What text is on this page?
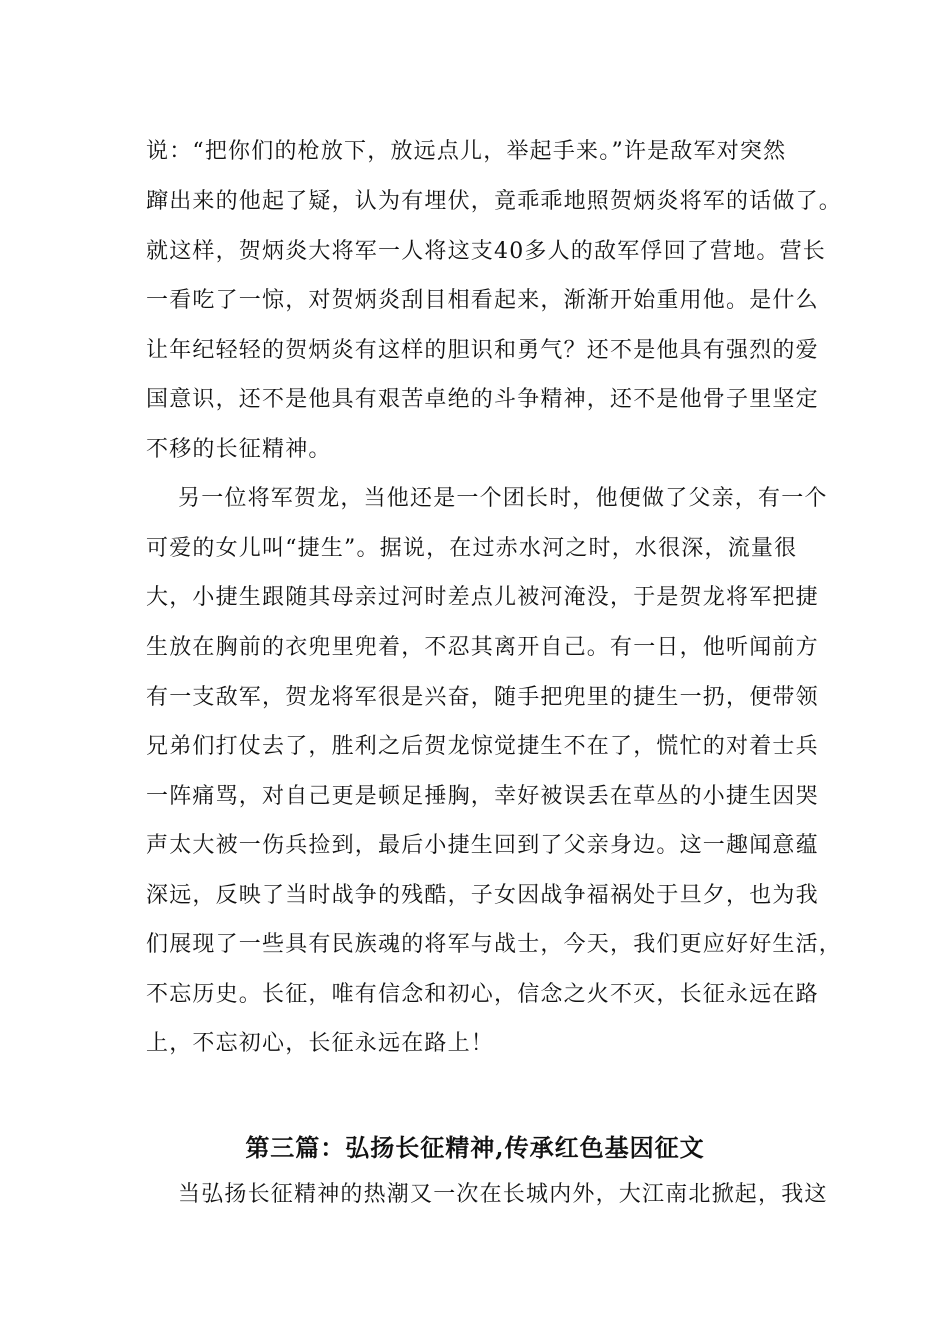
说：“把你们的枪放下，放远点儿，举起手来。”许是敌军对突然
蹿出来的他起了疑，认为有埋伏，竟乖乖地照贺炳炎将军的话做了。
就这样，贺炳炎大将军一人将这支40多人的敌军俘回了营地。营长
一看吃了一惊，对贺炳炎刮目相看起来，渐渐开始重用他。是什么
让年纪轻轻的贺炳炎有这样的胆识和勇气？还不是他具有强烈的爱
国意识，还不是他具有艰苦卓绝的斗争精神，还不是他骨子里坚定
不移的长征精神。
另一位将军贺龙，当他还是一个团长时，他便做了父亲，有一个
可爱的女儿叫“捷生”。据说，在过赤水河之时，水很深，流量很
大，小捷生跟随其母亲过河时差点儿被河淹没，于是贺龙将军把捷
生放在胸前的衣兜里兜着，不忍其离开自己。有一日，他听闻前方
有一支敌军，贺龙将军很是兴奋，随手把兜里的捷生一扔，便带领
兄弟们打仗去了，胜利之后贺龙惊觉捷生不在了，慌忙的对着士兵
一阵痛骂，对自己更是顿足捶胸，幸好被误丢在草丛的小捷生因哭
声太大被一伤兵捡到，最后小捷生回到了父亲身边。这一趣闻意蕴
深远，反映了当时战争的残酷，子女因战争福祸处于旦夕，也为我
们展现了一些具有民族魂的将军与战士，今天，我们更应好好生活，
不忘历史。长征，唯有信念和初心，信念之火不灭，长征永远在路
上，不忘初心，长征永远在路上！
第三篇：弘扬长征精神,传承红色基因征文
当弘扬长征精神的热潮又一次在长城内外，大江南北掀起，我这
